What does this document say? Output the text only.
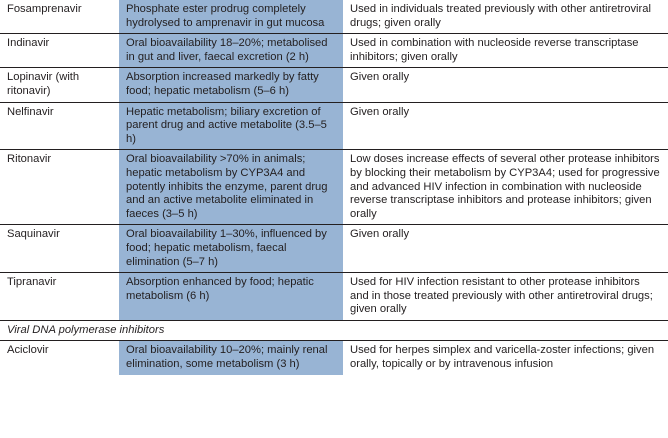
Fosamprenavir	Phosphate ester prodrug completely hydrolysed to amprenavir in gut mucosa	Used in individuals treated previously with other antiretroviral drugs; given orally
Indinavir	Oral bioavailability 18–20%; metabolised in gut and liver, faecal excretion (2 h)	Used in combination with nucleoside reverse transcriptase inhibitors; given orally
Lopinavir (with ritonavir)	Absorption increased markedly by fatty food; hepatic metabolism (5–6 h)	Given orally
Nelfinavir	Hepatic metabolism; biliary excretion of parent drug and active metabolite (3.5–5 h)	Given orally
Ritonavir	Oral bioavailability >70% in animals; hepatic metabolism by CYP3A4 and potently inhibits the enzyme, parent drug and an active metabolite eliminated in faeces (3–5 h)	Low doses increase effects of several other protease inhibitors by blocking their metabolism by CYP3A4; used for progressive and advanced HIV infection in combination with nucleoside reverse transcriptase inhibitors and protease inhibitors; given orally
Saquinavir	Oral bioavailability 1–30%, influenced by food; hepatic metabolism, faecal elimination (5–7 h)	Given orally
Tipranavir	Absorption enhanced by food; hepatic metabolism (6 h)	Used for HIV infection resistant to other protease inhibitors and in those treated previously with other antiretroviral drugs; given orally
Viral DNA polymerase inhibitors		
Aciclovir	Oral bioavailability 10–20%; mainly renal elimination, some metabolism (3 h)	Used for herpes simplex and varicella-zoster infections; given orally, topically or by intravenous infusion
